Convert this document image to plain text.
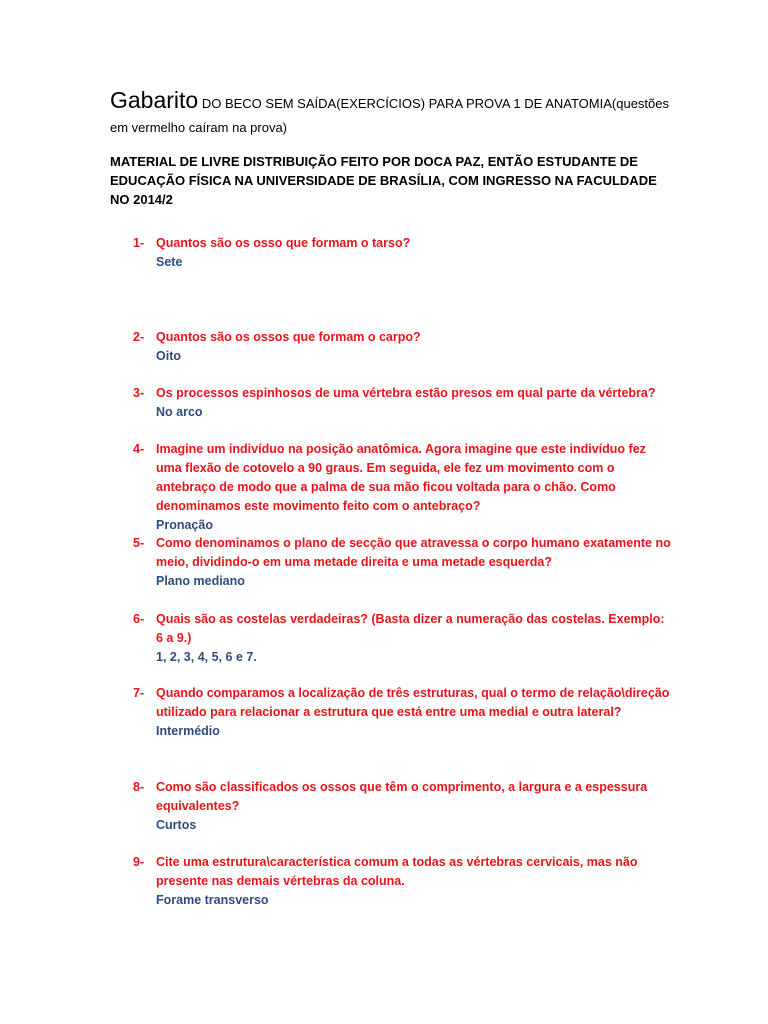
Gabarito DO BECO SEM SAÍDA(EXERCÍCIOS) PARA PROVA 1 DE ANATOMIA(questões em vermelho caíram na prova)
MATERIAL DE LIVRE DISTRIBUIÇÃO FEITO POR DOCA PAZ, ENTÃO ESTUDANTE DE EDUCAÇÃO FÍSICA NA UNIVERSIDADE DE BRASÍLIA, COM INGRESSO NA FACULDADE NO 2014/2
1- Quantos são os osso que formam o tarso?
Sete
2- Quantos são os ossos que formam o carpo?
Oito
3- Os processos espinhosos de uma vértebra estão presos em qual parte da vértebra?
No arco
4- Imagine um indivíduo na posição anatômica. Agora imagine que este indivíduo fez uma flexão de cotovelo a 90 graus. Em seguida, ele fez um movimento com o antebraço de modo que a palma de sua mão ficou voltada para o chão. Como denominamos este movimento feito com o antebraço?
Pronação
5- Como denominamos o plano de secção que atravessa o corpo humano exatamente no meio, dividindo-o em uma metade direita e uma metade esquerda?
Plano mediano
6- Quais são as costelas verdadeiras? (Basta dizer a numeração das costelas. Exemplo: 6 a 9.)
1, 2, 3, 4, 5, 6 e 7.
7- Quando comparamos a localização de três estruturas, qual o termo de relação\direção utilizado para relacionar a estrutura que está entre uma medial e outra lateral?
Intermédio
8- Como são classificados os ossos que têm o comprimento, a largura e a espessura equivalentes?
Curtos
9- Cite uma estrutura\característica comum a todas as vértebras cervicais, mas não presente nas demais vértebras da coluna.
Forame transverso
